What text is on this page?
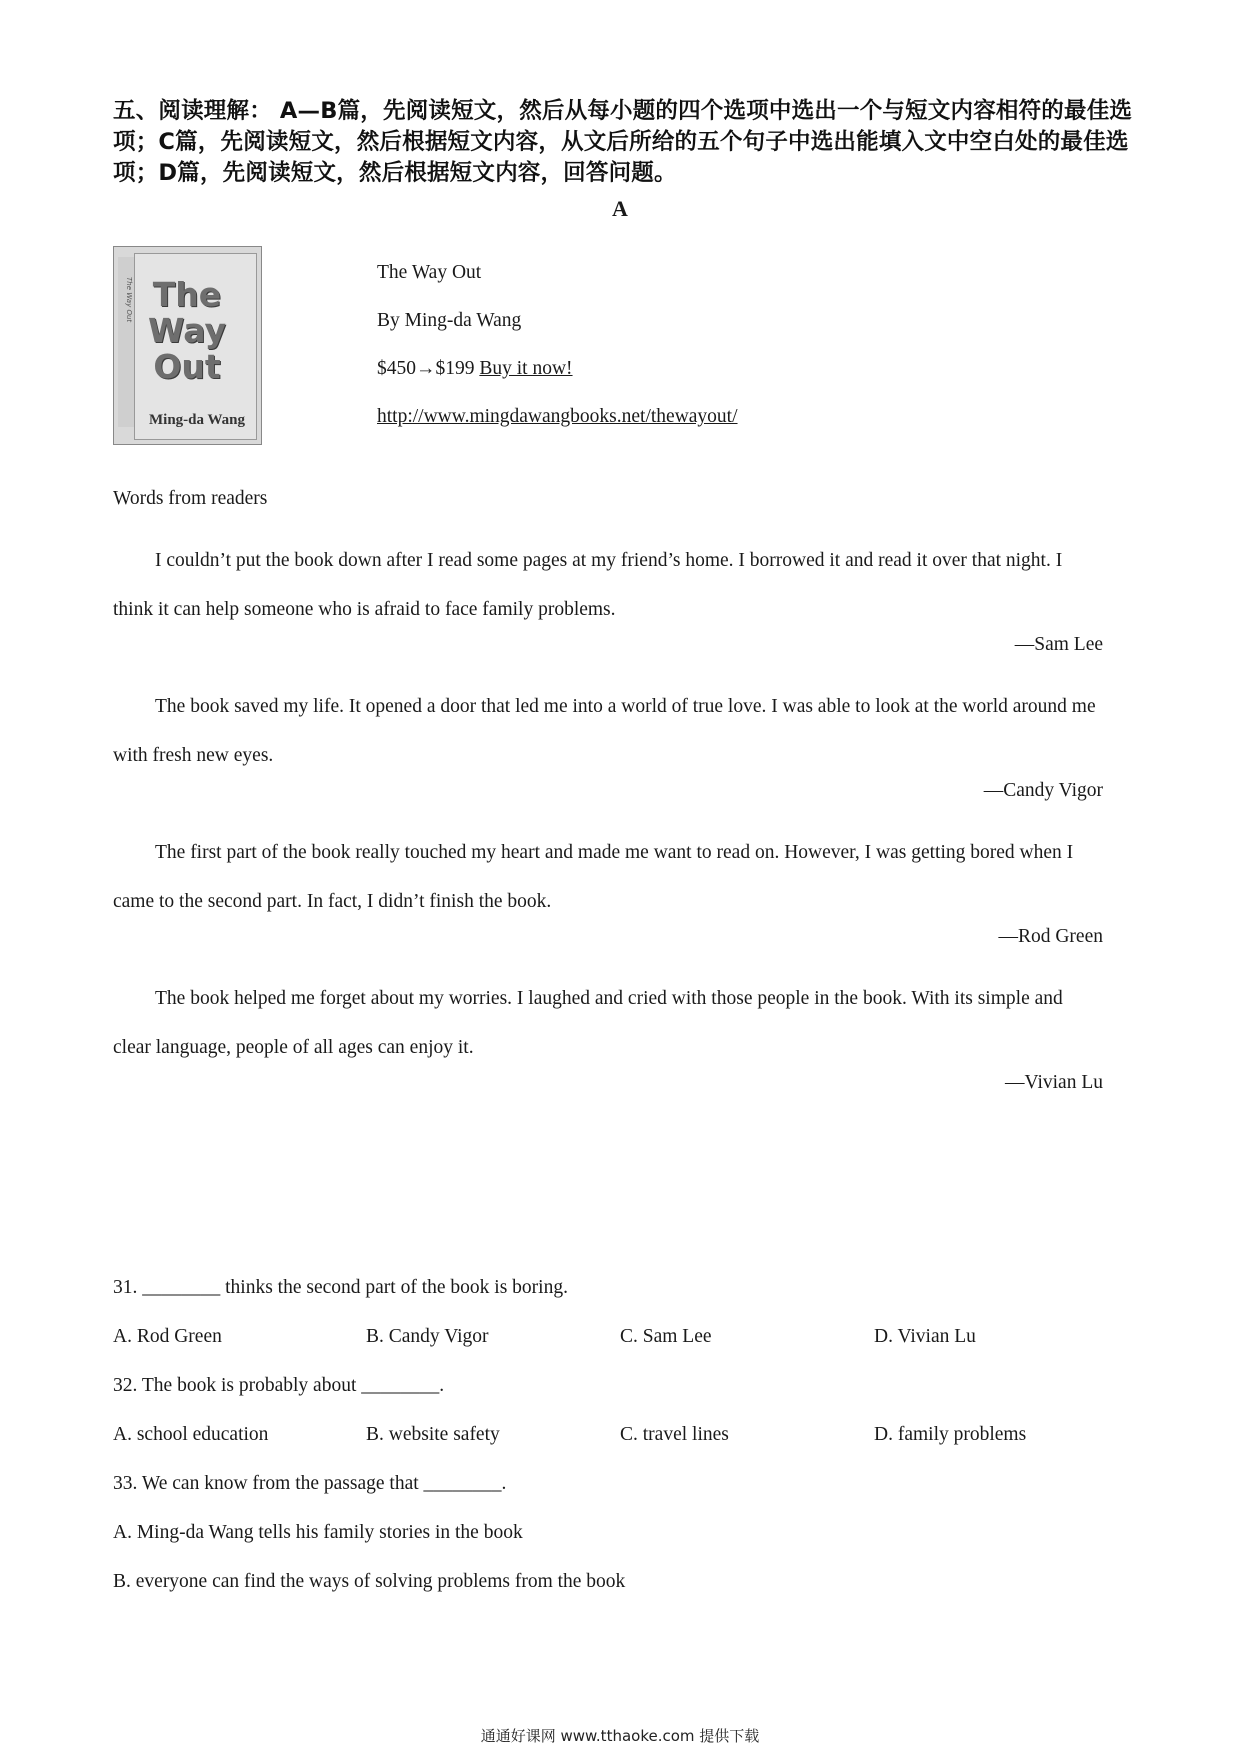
五、阅读理解： A—B篇，先阅读短文，然后从每小题的四个选项中选出一个与短文内容相符的最佳选项；C篇，先阅读短文，然后根据短文内容，从文后所给的五个句子中选出能填入文中空白处的最佳选项；D篇，先阅读短文，然后根据短文内容，回答问题。
A
The Way Out The Way Out
Ming-da Wang
The Way Out
By Ming-da Wang
$450→$199 Buy it now!
http://www.mingdawangbooks.net/thewayout/
Words from readers
I couldn’t put the book down after I read some pages at my friend’s home. I borrowed it and read it over that night. I think it can help someone who is afraid to face family problems.
—Sam Lee
The book saved my life. It opened a door that led me into a world of true love. I was able to look at the world around me with fresh new eyes.
—Candy Vigor
The first part of the book really touched my heart and made me want to read on. However, I was getting bored when I came to the second part. In fact, I didn’t finish the book.
—Rod Green
The book helped me forget about my worries. I laughed and cried with those people in the book. With its simple and clear language, people of all ages can enjoy it.
—Vivian Lu
31. ________ thinks the second part of the book is boring.
A. Rod Green	B. Candy Vigor	C. Sam Lee	D. Vivian Lu
32. The book is probably about ________.
A. school education	B. website safety	C. travel lines	D. family problems
33. We can know from the passage that ________.
A. Ming-da Wang tells his family stories in the book
B. everyone can find the ways of solving problems from the book
通通好课网 www.tthaoke.com 提供下载
